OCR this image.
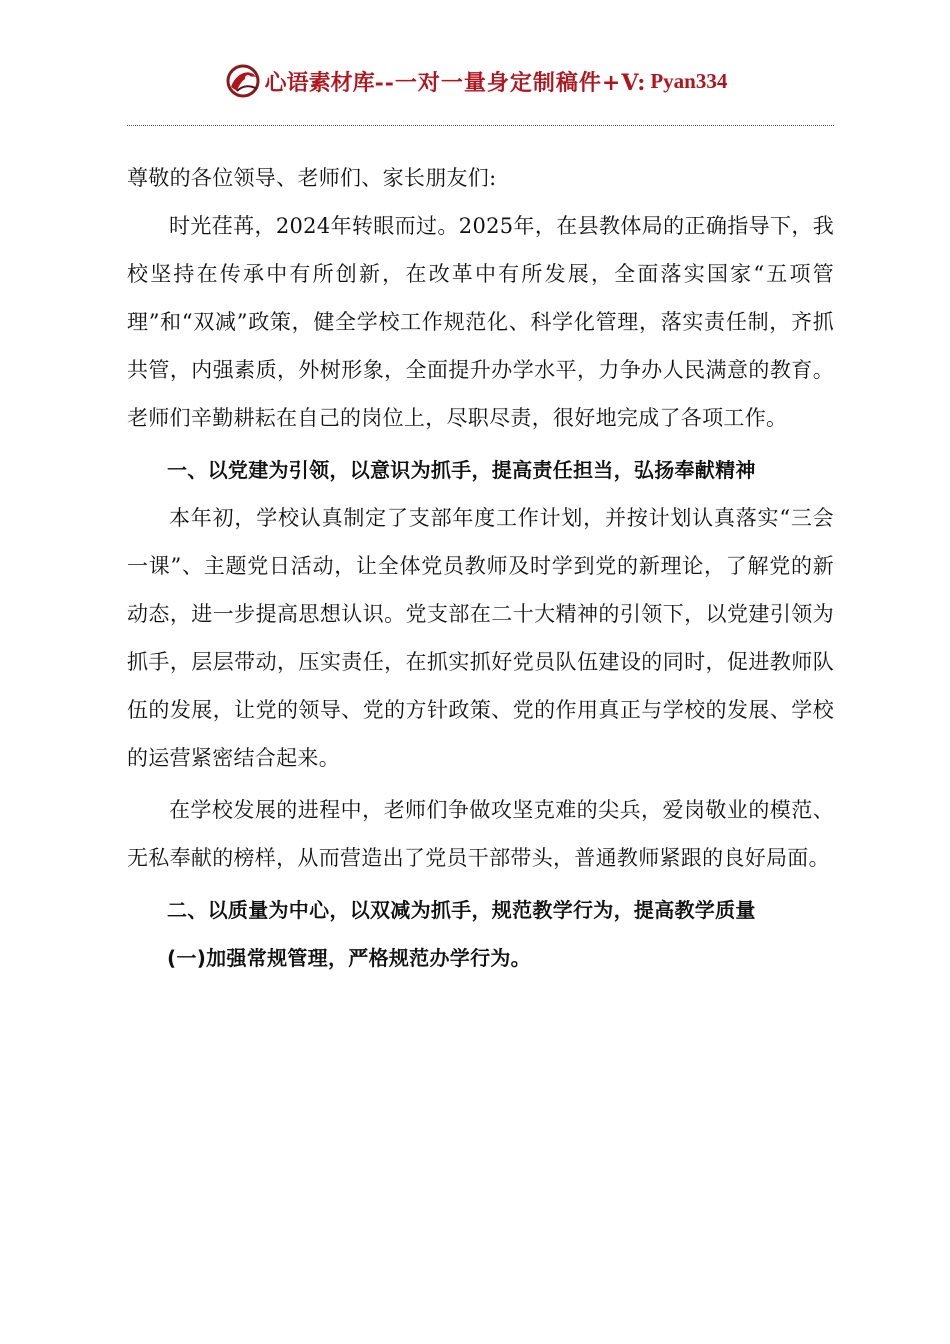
心语素材库 --一对一量身定制稿件+V: Pyan334

尊敬的各位领导、老师们、家长朋友们:

时光荏苒，2024年转眼而过。2025年，在县教体局的正确指导下，我校坚持在传承中有所创新，在改革中有所发展，全面落实国家“五项管理”和“双减”政策，健全学校工作规范化、科学化管理，落实责任制，齐抓共管，内强素质，外树形象，全面提升办学水平，力争办人民满意的教育。老师们辛勤耕耘在自己的岗位上，尽职尽责，很好地完成了各项工作。

一、以党建为引领，以意识为抓手，提高责任担当，弘扬奉献精神

本年初，学校认真制定了支部年度工作计划，并按计划认真落实“三会一课”、主题党日活动，让全体党员教师及时学到党的新理论，了解党的新动态，进一步提高思想认识。党支部在二十大精神的引领下，以党建引领为抓手，层层带动，压实责任，在抓实抓好党员队伍建设的同时，促进教师队伍的发展，让党的领导、党的方针政策、党的作用真正与学校的发展、学校的运营紧密结合起来。

在学校发展的进程中，老师们争做攻坚克难的尖兵，爱岗敬业的模范、无私奉献的榜样，从而营造出了党员干部带头，普通教师紧跟的良好局面。

二、以质量为中心，以双减为抓手，规范教学行为，提高教学质量

(一)加强常规管理，严格规范办学行为。
